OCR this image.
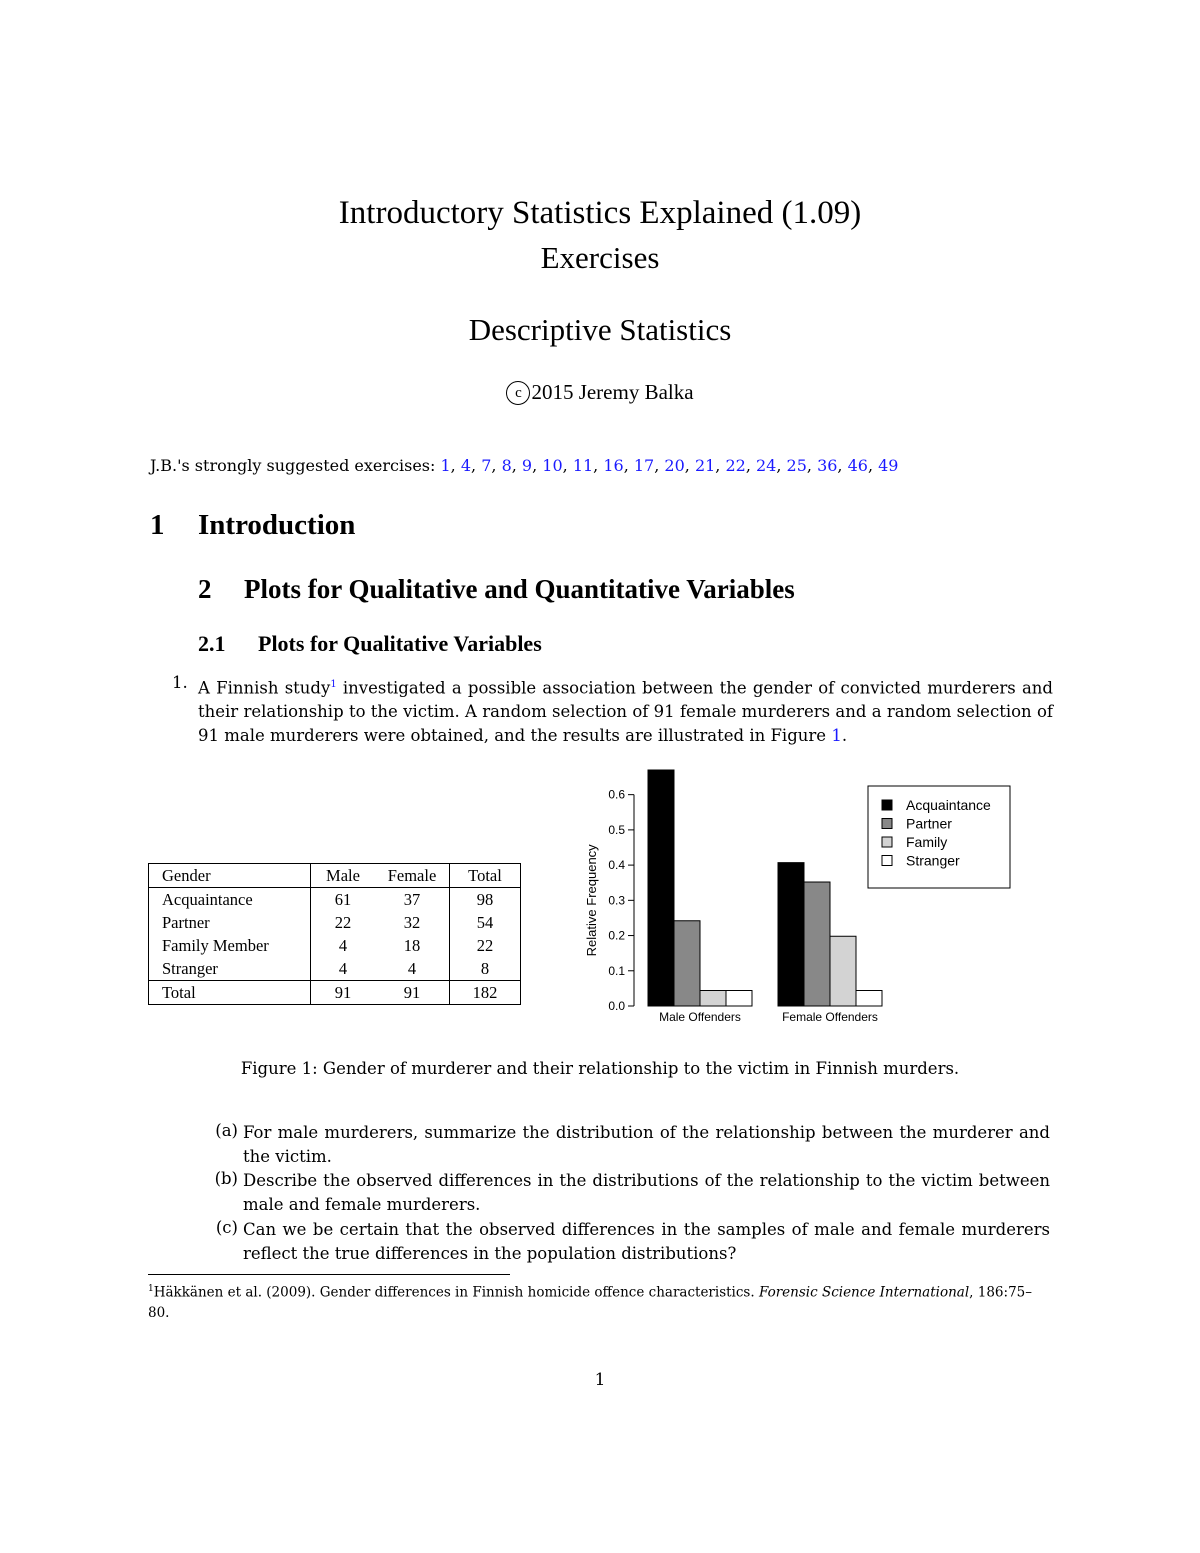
Introductory Statistics Explained (1.09)
Exercises
Descriptive Statistics
c 2015 Jeremy Balka
J.B.'s strongly suggested exercises: 1, 4, 7, 8, 9, 10, 11, 16, 17, 20, 21, 22, 24, 25, 36, 46, 49
1 Introduction
2 Plots for Qualitative and Quantitative Variables
2.1 Plots for Qualitative Variables
1. A Finnish study$^1$ investigated a possible association between the gender of convicted murderers and their relationship to the victim. A random selection of 91 female murderers and a random selection of 91 male murderers were obtained, and the results are illustrated in Figure 1.
Gender	Male	Female	Total
Acquaintance	61	37	98
Partner	22	32	54
Family Member	4	18	22
Stranger	4	4	8
Total	91	91	182
0.0
0.1
0.2
0.3
0.4
0.5
0.6
Relative Frequency
Male Offenders	Female Offenders
Acquaintance
Partner
Family
Stranger
Figure 1: Gender of murderer and their relationship to the victim in Finnish murders.
(a) For male murderers, summarize the distribution of the relationship between the murderer and the victim.
(b) Describe the observed differences in the distributions of the relationship to the victim between male and female murderers.
(c) Can we be certain that the observed differences in the samples of male and female murderers reflect the true differences in the population distributions?
$^1$Häkkänen et al. (2009). Gender differences in Finnish homicide offence characteristics. Forensic Science International, 186:75–80.
1
